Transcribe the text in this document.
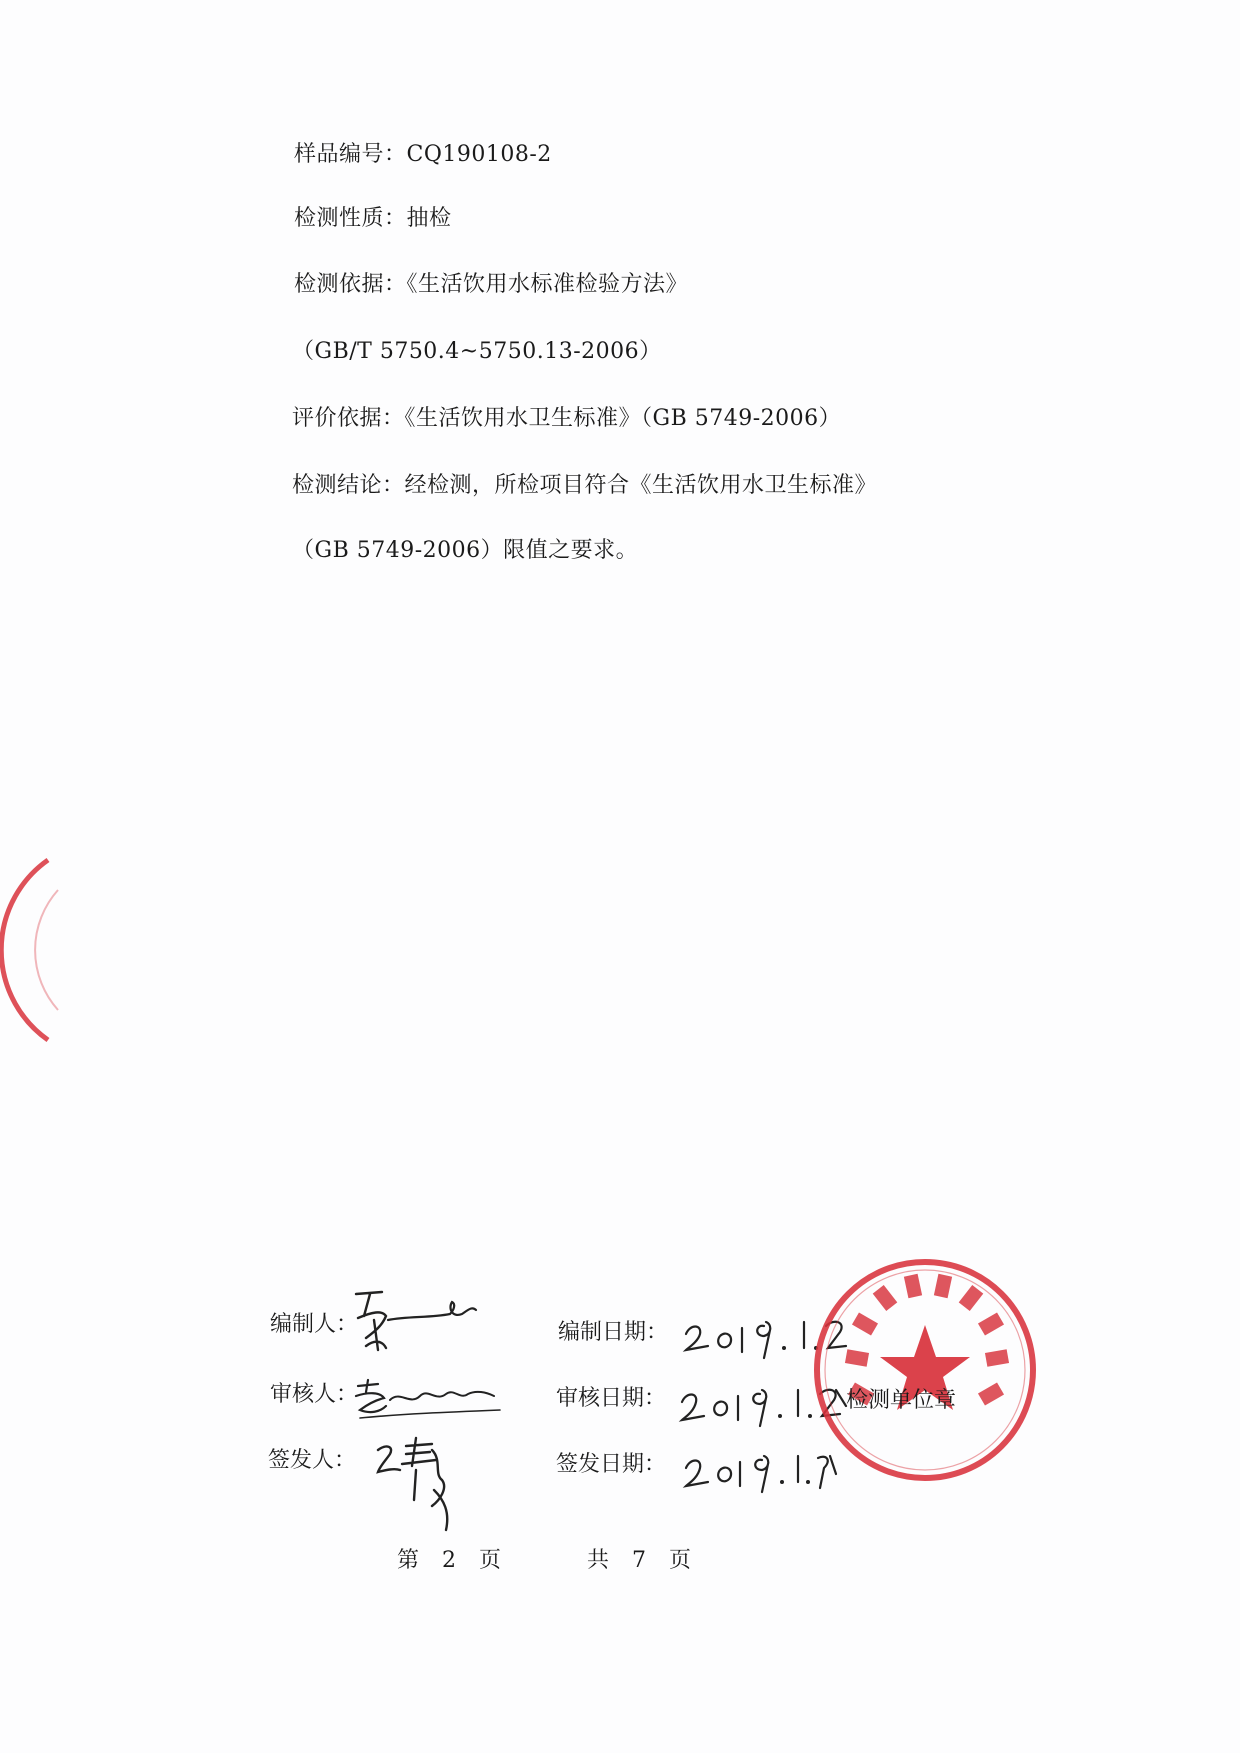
样品编号：CQ190108-2
检测性质：抽检
检测依据：《生活饮用水标准检验方法》
（GB/T 5750.4~5750.13-2006）
评价依据：《生活饮用水卫生标准》（GB 5749-2006）
检测结论：经检测，所检项目符合《生活饮用水卫生标准》
（GB 5749-2006）限值之要求。

编制人：	编制日期：
审核人：	审核日期：
签发人：	签发日期：
检测单位章
第 2 页	共 7 页
